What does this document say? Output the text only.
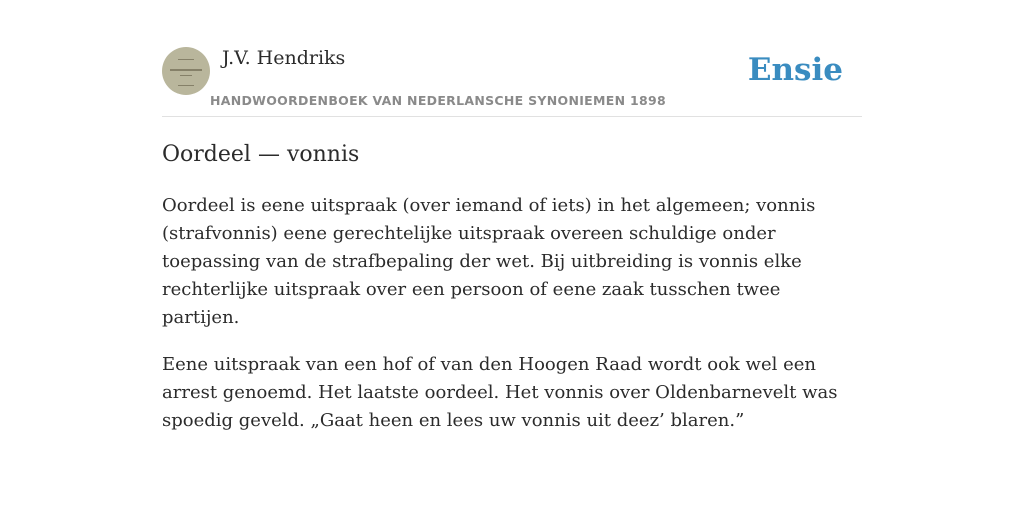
J.V. Hendriks
HANDWOORDENBOEK VAN NEDERLANSCHE SYNONIEMEN 1898
Ensie
Oordeel — vonnis

Oordeel is eene uitspraak (over iemand of iets) in het algemeen; vonnis (strafvonnis) eene gerechtelijke uitspraak overeen schuldige onder toepassing van de strafbepaling der wet. Bij uitbreiding is vonnis elke rechterlijke uitspraak over een persoon of eene zaak tusschen twee partijen.

Eene uitspraak van een hof of van den Hoogen Raad wordt ook wel een arrest genoemd. Het laatste oordeel. Het vonnis over Oldenbarnevelt was spoedig geveld. „Gaat heen en lees uw vonnis uit deez’ blaren.”
